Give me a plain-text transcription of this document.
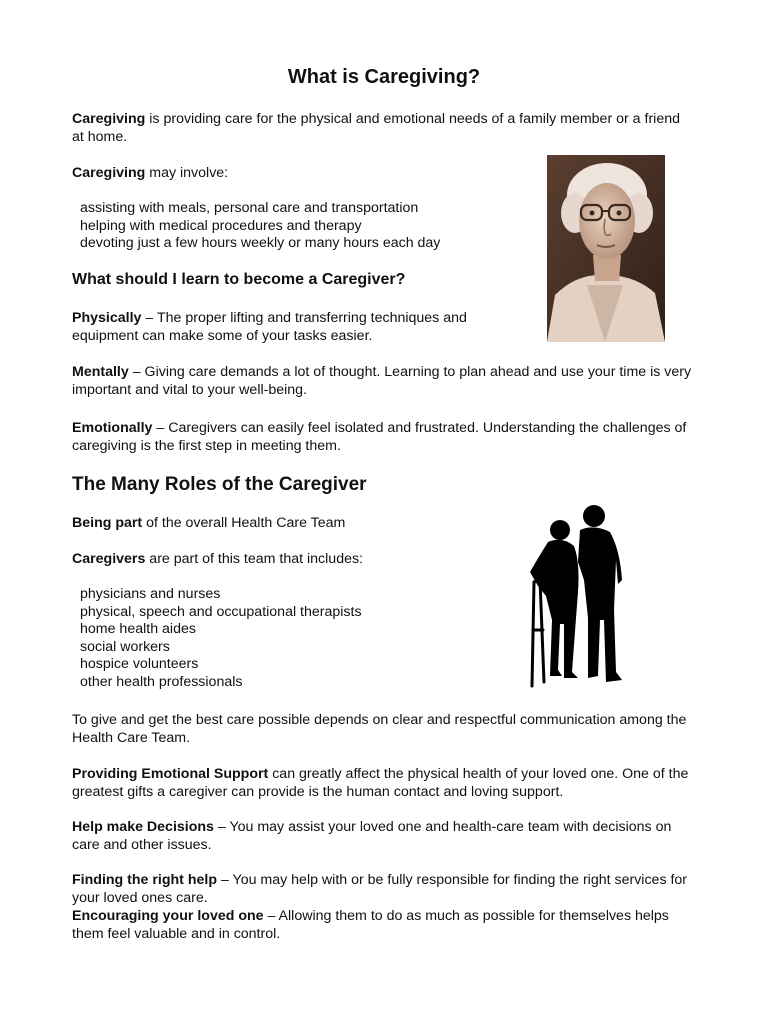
What is Caregiving?

Caregiving is providing care for the physical and emotional needs of a family member or a friend at home.

Caregiving may involve:

assisting with meals, personal care and transportation
helping with medical procedures and therapy
devoting just a few hours weekly or many hours each day
What should I learn to become a Caregiver?

Physically – The proper lifting and transferring techniques and equipment can make some of your tasks easier.

Mentally – Giving care demands a lot of thought. Learning to plan ahead and use your time is very important and vital to your well-being.

Emotionally – Caregivers can easily feel isolated and frustrated. Understanding the challenges of caregiving is the first step in meeting them.

The Many Roles of the Caregiver

Being part of the overall Health Care Team

Caregivers are part of this team that includes:

physicians and nurses
physical, speech and occupational therapists
home health aides
social workers
hospice volunteers
other health professionals

To give and get the best care possible depends on clear and respectful communication among the Health Care Team.

Providing Emotional Support can greatly affect the physical health of your loved one. One of the greatest gifts a caregiver can provide is the human contact and loving support.

Help make Decisions – You may assist your loved one and health-care team with decisions on care and other issues.

Finding the right help – You may help with or be fully responsible for finding the right services for your loved ones care.

Encouraging your loved one – Allowing them to do as much as possible for themselves helps them feel valuable and in control.
